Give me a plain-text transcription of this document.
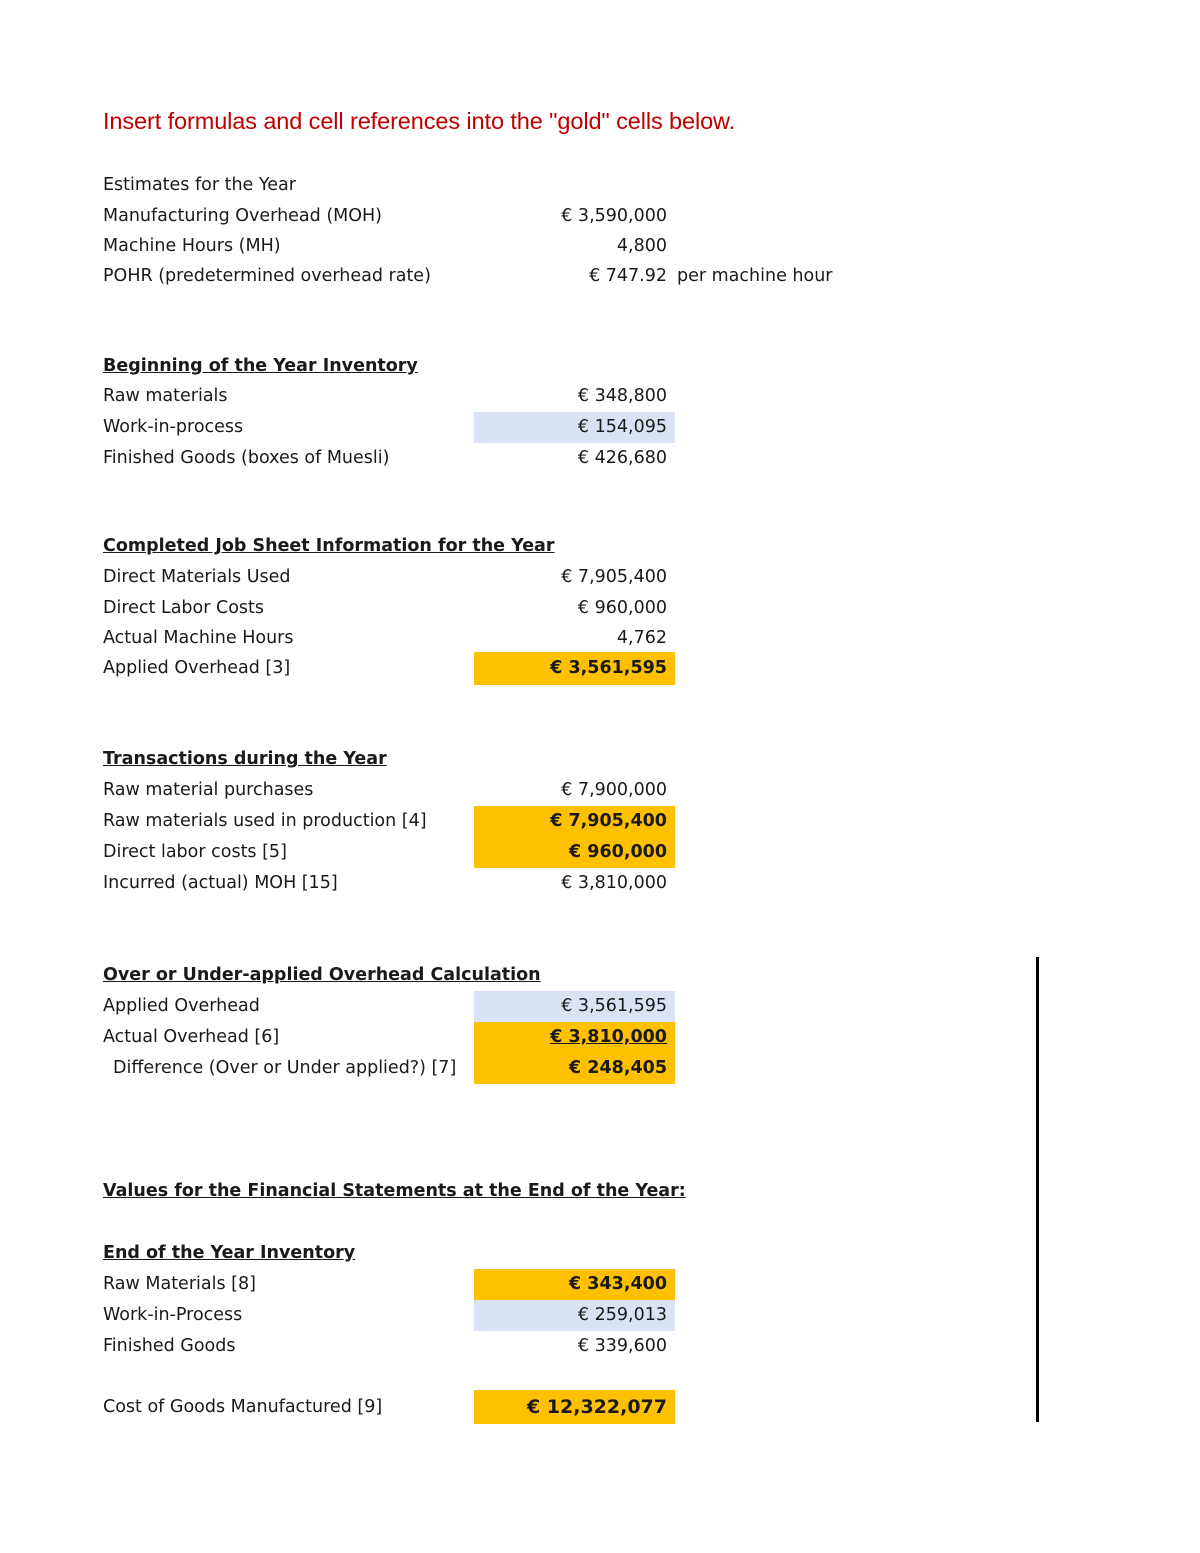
Insert formulas and cell references into the "gold" cells below.
Estimates for the Year
Manufacturing Overhead (MOH)	€ 3,590,000
Machine Hours (MH)	4,800
POHR (predetermined overhead rate)	€ 747.92 per machine hour
Beginning of the Year Inventory
Raw materials	€ 348,800
Work-in-process	€ 154,095
Finished Goods (boxes of Muesli)	€ 426,680
Completed Job Sheet Information for the Year
Direct Materials Used	€ 7,905,400
Direct Labor Costs	€ 960,000
Actual Machine Hours	4,762
Applied Overhead [3]	€ 3,561,595
Transactions during the Year
Raw material purchases	€ 7,900,000
Raw materials used in production [4]	€ 7,905,400
Direct labor costs [5]	€ 960,000
Incurred (actual) MOH [15]	€ 3,810,000
Over or Under-applied Overhead Calculation
Applied Overhead	€ 3,561,595
Actual Overhead [6]	€ 3,810,000
Difference (Over or Under applied?) [7]	€ 248,405
Values for the Financial Statements at the End of the Year:
End of the Year Inventory
Raw Materials [8]	€ 343,400
Work-in-Process	€ 259,013
Finished Goods	€ 339,600
Cost of Goods Manufactured [9]	€ 12,322,077
